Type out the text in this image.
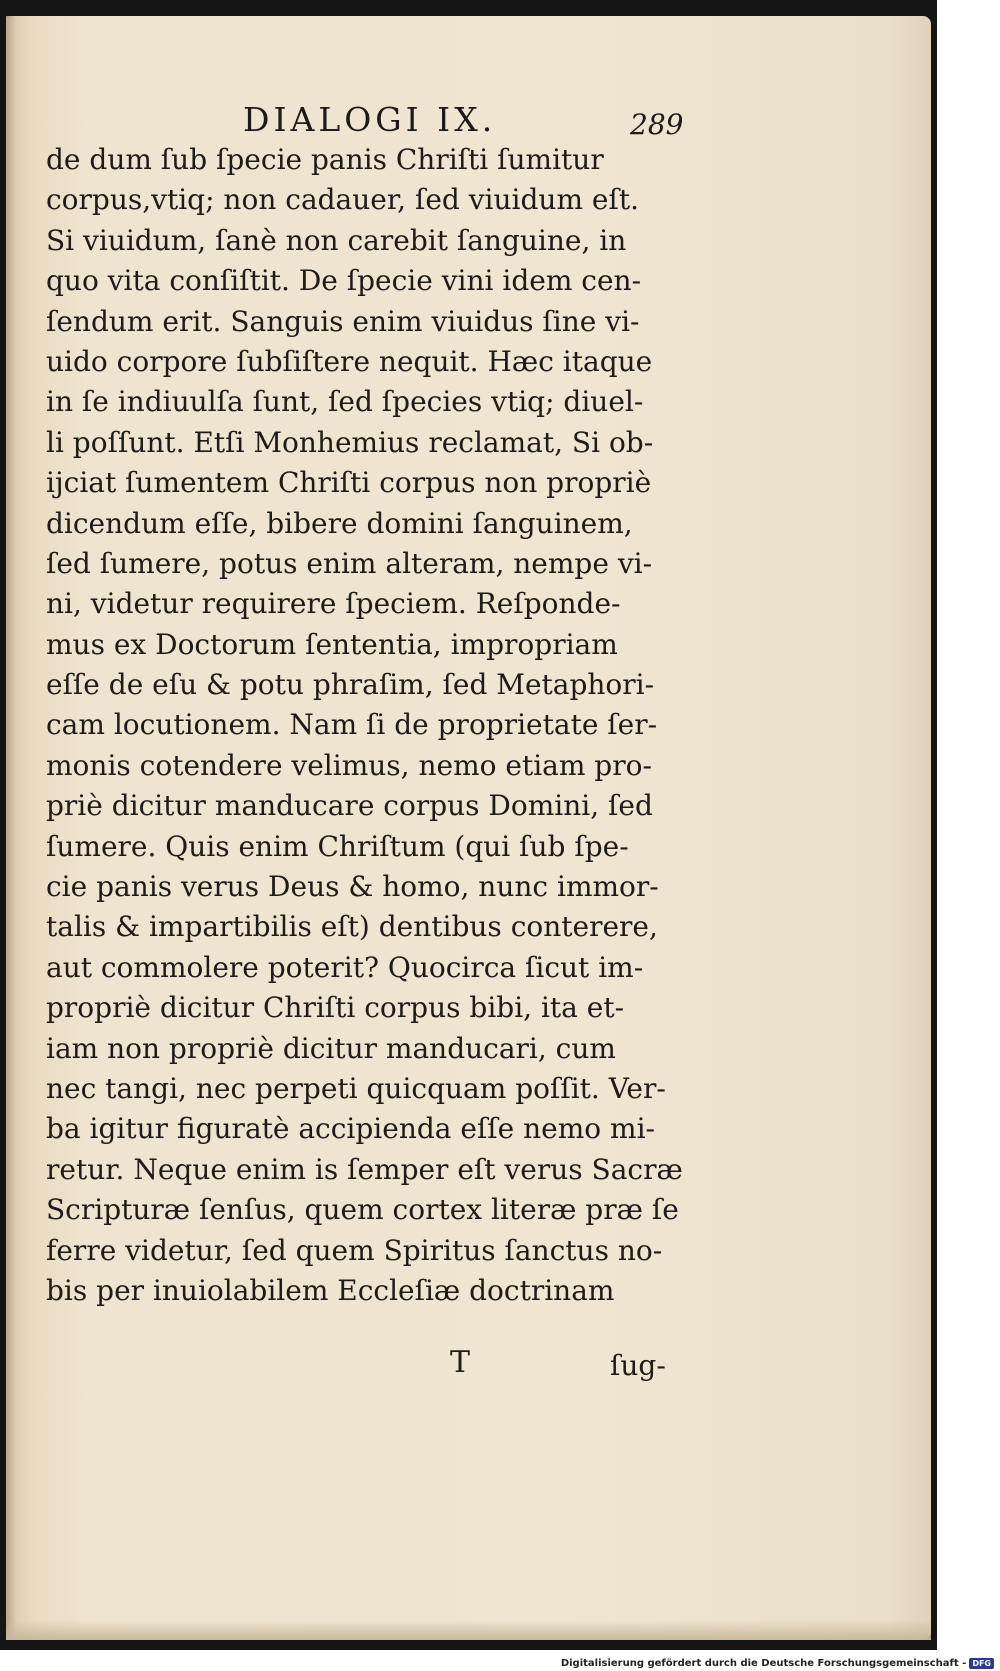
DIALOGI IX.	289
de dum ſub ſpecie panis Chriſti ſumitur
corpus,vtiq; non cadauer, ſed viuidum eſt.
Si viuidum, ſanè non carebit ſanguine, in
quo vita conſiſtit. De ſpecie vini idem cen-
ſendum erit. Sanguis enim viuidus ſine vi-
uido corpore ſubſiſtere nequit. Hæc itaque
in ſe indiuulſa ſunt, ſed ſpecies vtiq; diuel-
li poſſunt. Etſi Monhemius reclamat, Si ob-
ijciat ſumentem Chriſti corpus non propriè
dicendum eſſe, bibere domini ſanguinem,
ſed ſumere, potus enim alteram, nempe vi-
ni, videtur requirere ſpeciem. Reſponde-
mus ex Doctorum ſententia, impropriam
eſſe de eſu & potu phraſim, ſed Metaphori-
cam locutionem. Nam ſi de proprietate ſer-
monis cotendere velimus, nemo etiam pro-
priè dicitur manducare corpus Domini, ſed
ſumere. Quis enim Chriſtum (qui ſub ſpe-
cie panis verus Deus & homo, nunc immor-
talis & impartibilis eſt) dentibus conterere,
aut commolere poterit? Quocirca ſicut im-
propriè dicitur Chriſti corpus bibi, ita et-
iam non propriè dicitur manducari, cum
nec tangi, nec perpeti quicquam poſſit. Ver-
ba igitur figuratè accipienda eſſe nemo mi-
retur. Neque enim is ſemper eſt verus Sacræ
Scripturæ ſenſus, quem cortex literæ præ ſe
ferre videtur, ſed quem Spiritus ſanctus no-
bis per inuiolabilem Eccleſiæ doctrinam
T	ſug-
Digitalisierung gefördert durch die Deutsche Forschungsgemeinschaft - DFG
